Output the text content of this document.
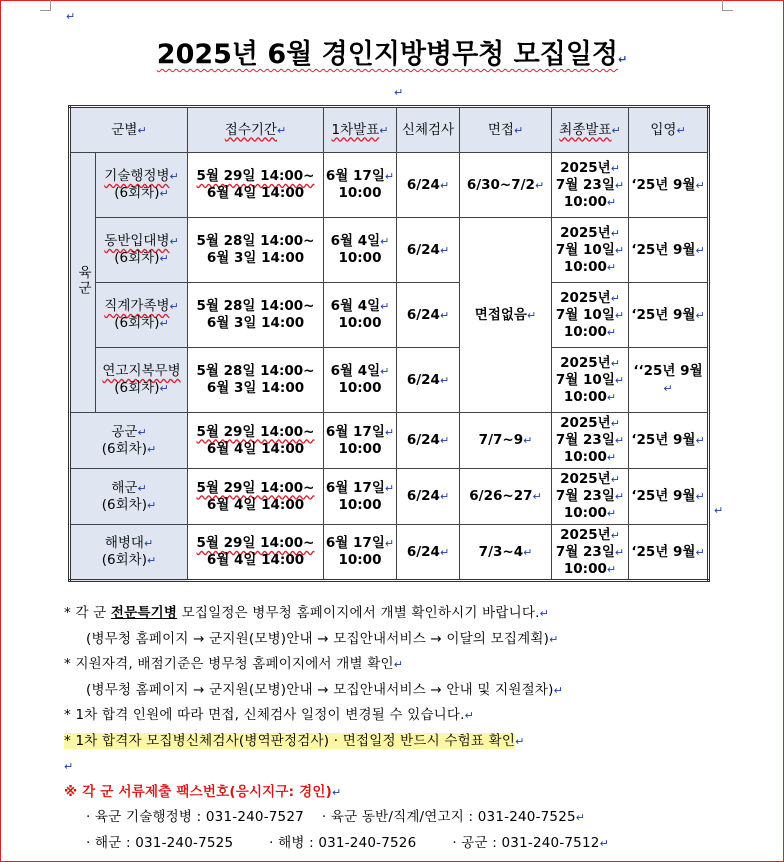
↵
2025년 6월 경인지방병무청 모집일정↵
↵
군별↵		접수기간↵	1차발표↵	신체검사	면접↵	최종발표↵	입영↵
육군	기술행정병↵
(6회차)↵	5월 29일 14:00~
6월 4일 14:00	6월 17일↵
10:00	6/24↵	6/30~7/2↵	2025년↵
7월 23일↵
10:00↵	‘25년 9월↵
	동반입대병↵
(6회차)↵	5월 28일 14:00~
6월 3일 14:00	6월 4일↵
10:00	6/24↵	면접없음↵	2025년↵
7월 10일↵
10:00↵	‘25년 9월↵
	직계가족병↵
(6회차)↵	5월 28일 14:00~
6월 3일 14:00	6월 4일↵
10:00	6/24↵		2025년↵
7월 10일↵
10:00↵	‘25년 9월↵
	연고지복무병
(6회차)↵	5월 28일 14:00~
6월 3일 14:00	6월 4일↵
10:00	6/24↵		2025년↵
7월 10일↵
10:00↵	‘‘25년 9월↵
공군↵
(6회차)↵		5월 29일 14:00~
6월 4일 14:00	6월 17일↵
10:00	6/24↵	7/7~9↵	2025년↵
7월 23일↵
10:00↵	‘25년 9월↵
해군↵
(6회차)↵		5월 29일 14:00~
6월 4일 14:00	6월 17일↵
10:00	6/24↵	6/26~27↵	2025년↵
7월 23일↵
10:00↵	‘25년 9월↵
해병대↵
(6회차)↵		5월 29일 14:00~
6월 4일 14:00	6월 17일↵
10:00	6/24↵	7/3~4↵	2025년↵
7월 23일↵
10:00↵	‘25년 9월↵
↵
* 각 군 전문특기병 모집일정은 병무청 홈페이지에서 개별 확인하시기 바랍니다.↵
(병무청 홈페이지 → 군지원(모병)안내 → 모집안내서비스 → 이달의 모집계획)↵
* 지원자격, 배점기준은 병무청 홈페이지에서 개별 확인↵
(병무청 홈페이지 → 군지원(모병)안내 → 모집안내서비스 → 안내 및 지원절차)↵
* 1차 합격 인원에 따라 면접, 신체검사 일정이 변경될 수 있습니다.↵
* 1차 합격자 모집병신체검사(병역판정검사) · 면접일정 반드시 수험표 확인↵
↵
※ 각 군 서류제출 팩스번호(응시지구: 경인)↵
· 육군 기술행정병 : 031-240-7527    · 육군 동반/직계/연고지 : 031-240-7525↵
· 해군 : 031-240-7525        · 해병 : 031-240-7526        · 공군 : 031-240-7512↵
